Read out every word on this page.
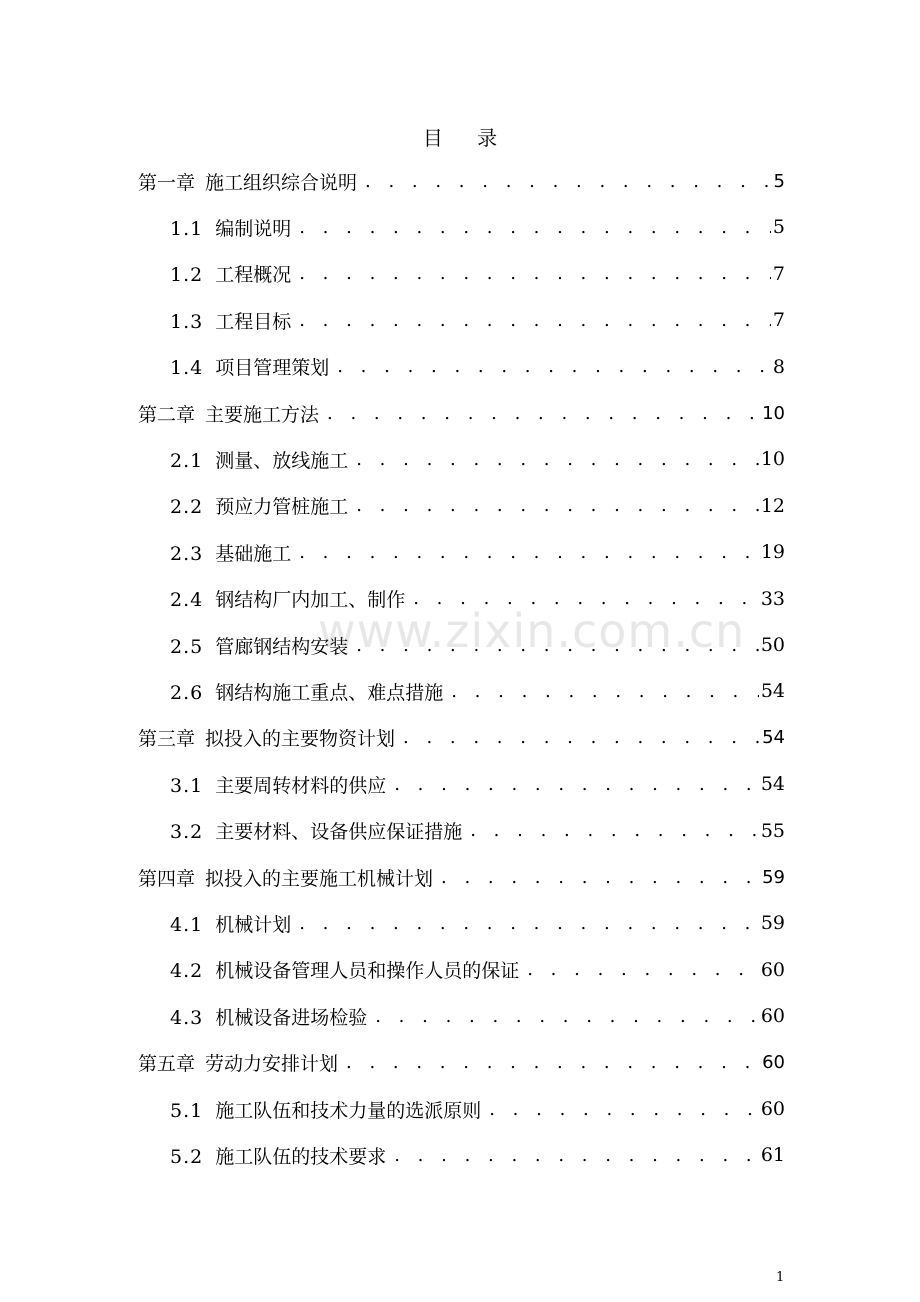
目 录
第一章 施工组织综合说明 . . .	5
1.1 编制说明 . . .	5
1.2 工程概况 . . .	7
1.3 工程目标 . . .	7
1.4 项目管理策划 . . .	8
第二章 主要施工方法 . . .	10
2.1 测量、放线施工 . . .	10
2.2 预应力管桩施工 . . .	12
2.3 基础施工 . . .	19
2.4 钢结构厂内加工、制作 . . .	33
2.5 管廊钢结构安装 . . .	50
2.6 钢结构施工重点、难点措施 . . .	54
第三章 拟投入的主要物资计划 . . .	54
3.1 主要周转材料的供应 . . .	54
3.2 主要材料、设备供应保证措施 . . .	55
第四章 拟投入的主要施工机械计划 . . .	59
4.1 机械计划 . . .	59
4.2 机械设备管理人员和操作人员的保证 . . .	60
4.3 机械设备进场检验 . . .	60
第五章 劳动力安排计划 . . .	60
5.1 施工队伍和技术力量的选派原则 . . .	60
5.2 施工队伍的技术要求 . . .	61
www.zixin.com.cn
1
